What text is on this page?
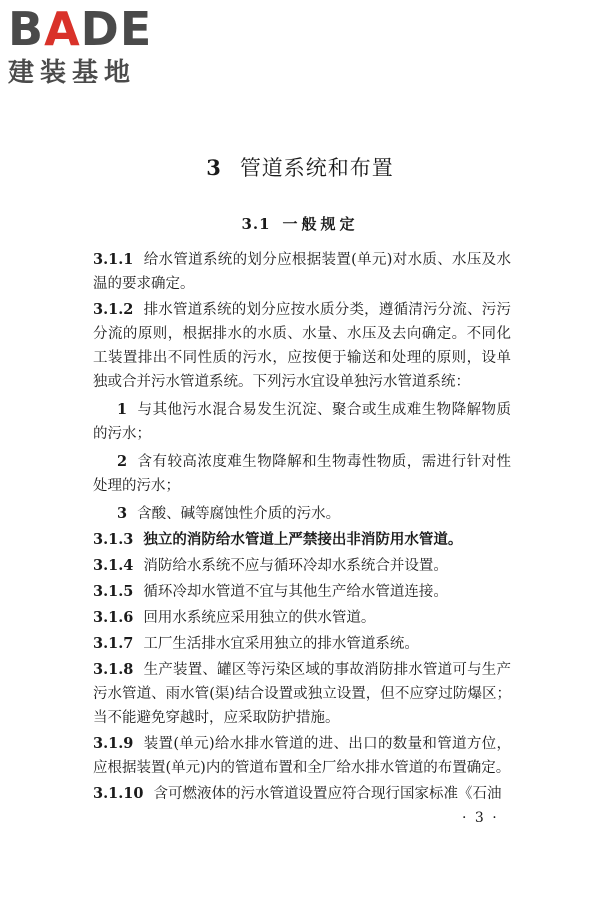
BADE
建装基地
3 管道系统和布置
3.1 一般规定

3.1.1 给水管道系统的划分应根据装置(单元)对水质、水压及水温的要求确定。

3.1.2 排水管道系统的划分应按水质分类，遵循清污分流、污污分流的原则，根据排水的水质、水量、水压及去向确定。不同化工装置排出不同性质的污水，应按便于输送和处理的原则，设单独或合并污水管道系统。下列污水宜设单独污水管道系统：

1 与其他污水混合易发生沉淀、聚合或生成难生物降解物质的污水；

2 含有较高浓度难生物降解和生物毒性物质，需进行针对性处理的污水；

3 含酸、碱等腐蚀性介质的污水。

3.1.3 独立的消防给水管道上严禁接出非消防用水管道。

3.1.4 消防给水系统不应与循环冷却水系统合并设置。

3.1.5 循环冷却水管道不宜与其他生产给水管道连接。

3.1.6 回用水系统应采用独立的供水管道。

3.1.7 工厂生活排水宜采用独立的排水管道系统。

3.1.8 生产装置、罐区等污染区域的事故消防排水管道可与生产污水管道、雨水管(渠)结合设置或独立设置，但不应穿过防爆区；当不能避免穿越时，应采取防护措施。

3.1.9 装置(单元)给水排水管道的进、出口的数量和管道方位，应根据装置(单元)内的管道布置和全厂给水排水管道的布置确定。

3.1.10 含可燃液体的污水管道设置应符合现行国家标准《石油

· 3 ·
